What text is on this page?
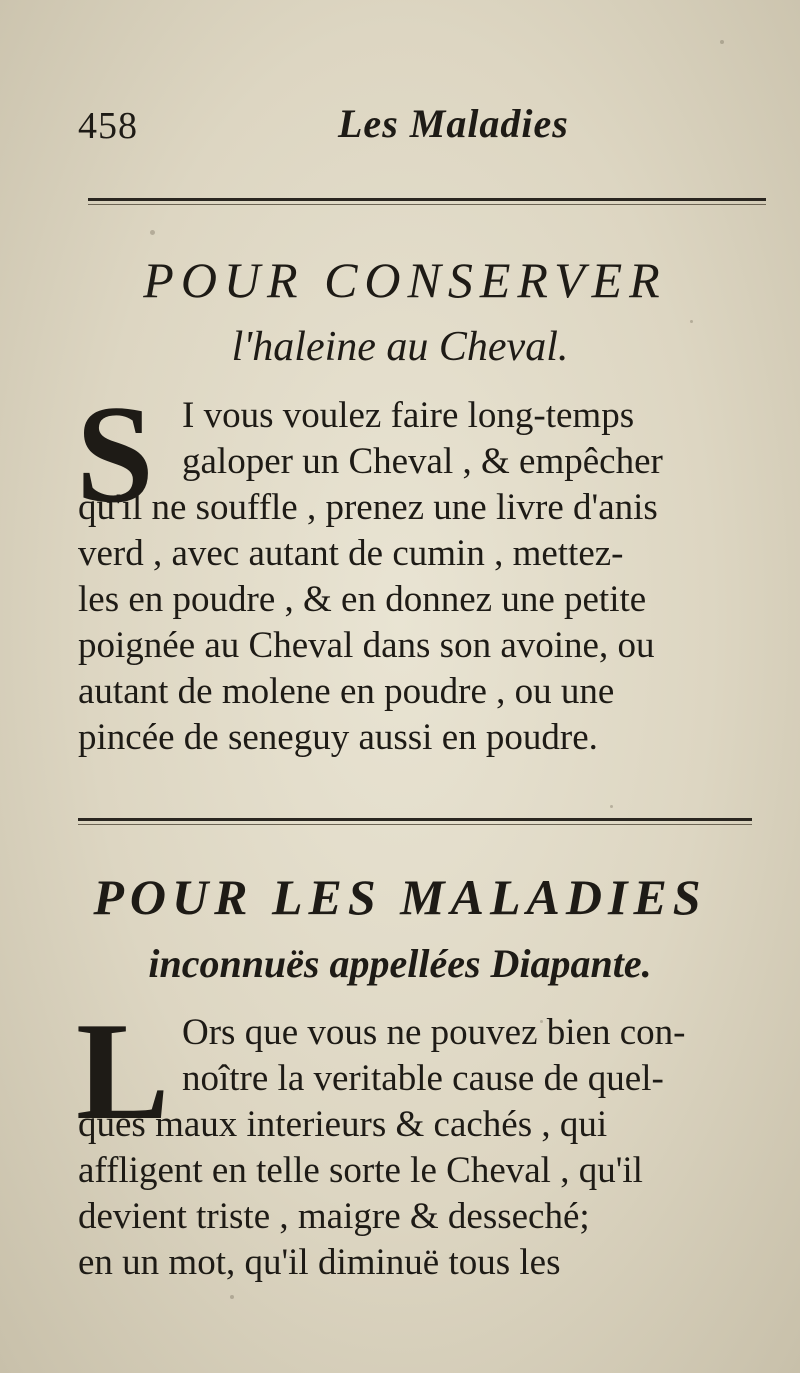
458	Les Maladies
POUR CONSERVER
l'haleine au Cheval.
S I vous voulez faire long-temps
galoper un Cheval , & empêcher
qu'il ne souffle , prenez une livre d'anis
verd , avec autant de cumin , mettez-
les en poudre , & en donnez une petite
poignée au Cheval dans son avoine, ou
autant de molene en poudre , ou une
pincée de seneguy aussi en poudre.
POUR LES MALADIES
inconnuës appellées Diapante.
L Ors que vous ne pouvez bien con-
noître la veritable cause de quel-
ques maux interieurs & cachés , qui
affligent en telle sorte le Cheval , qu'il
devient triste , maigre & desseché;
en un mot, qu'il diminuë tous les
